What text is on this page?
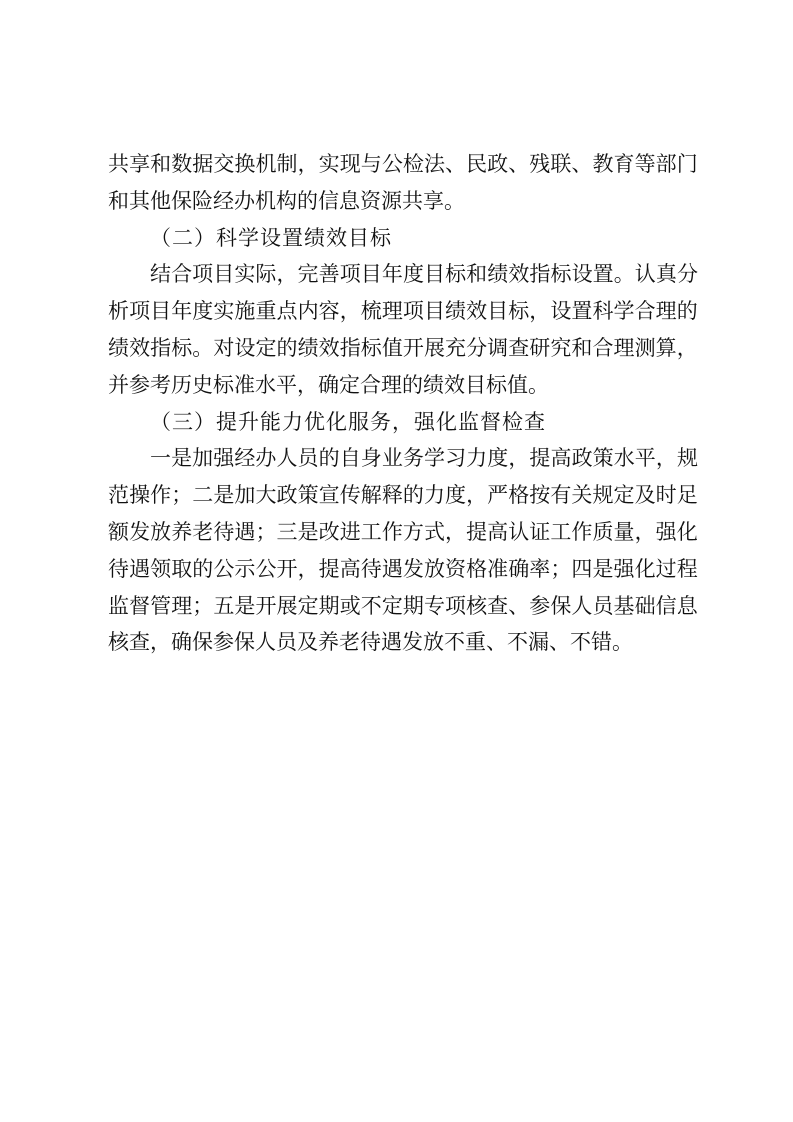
共 享 和 数 据 交 换 机 制 ， 实 现 与 公 检 法 、 民 政 、 残 联 、 教 育 等 部 门
和其他保险经办机构的信息资源共享。
（二）科学设置绩效目标
结 合 项 目 实 际 ， 完 善 项 目 年 度 目 标 和 绩 效 指 标 设 置 。 认 真 分
析 项 目 年 度 实 施 重 点 内 容 ， 梳 理 项 目 绩 效 目 标 ， 设 置 科 学 合 理 的
绩 效 指 标 。 对 设 定 的 绩 效 指 标 值 开 展 充 分 调 查 研 究 和 合 理 测 算 ，
并参考历史标准水平，确定合理的绩效目标值。
（三）提升能力优化服务，强化监督检查
一 是 加 强 经 办 人 员 的 自 身 业 务 学 习 力 度 ， 提 高 政 策 水 平 ， 规
范 操 作 ； 二 是 加 大 政 策 宣 传 解 释 的 力 度 ， 严 格 按 有 关 规 定 及 时 足
额 发 放 养 老 待 遇 ； 三 是 改 进 工 作 方 式 ， 提 高 认 证 工 作 质 量 ， 强 化
待 遇 领 取 的 公 示 公 开 ， 提 高 待 遇 发 放 资 格 准 确 率 ； 四 是 强 化 过 程
监 督 管 理 ； 五 是 开 展 定 期 或 不 定 期 专 项 核 查 、 参 保 人 员 基 础 信 息
核查，确保参保人员及养老待遇发放不重、不漏、不错。
